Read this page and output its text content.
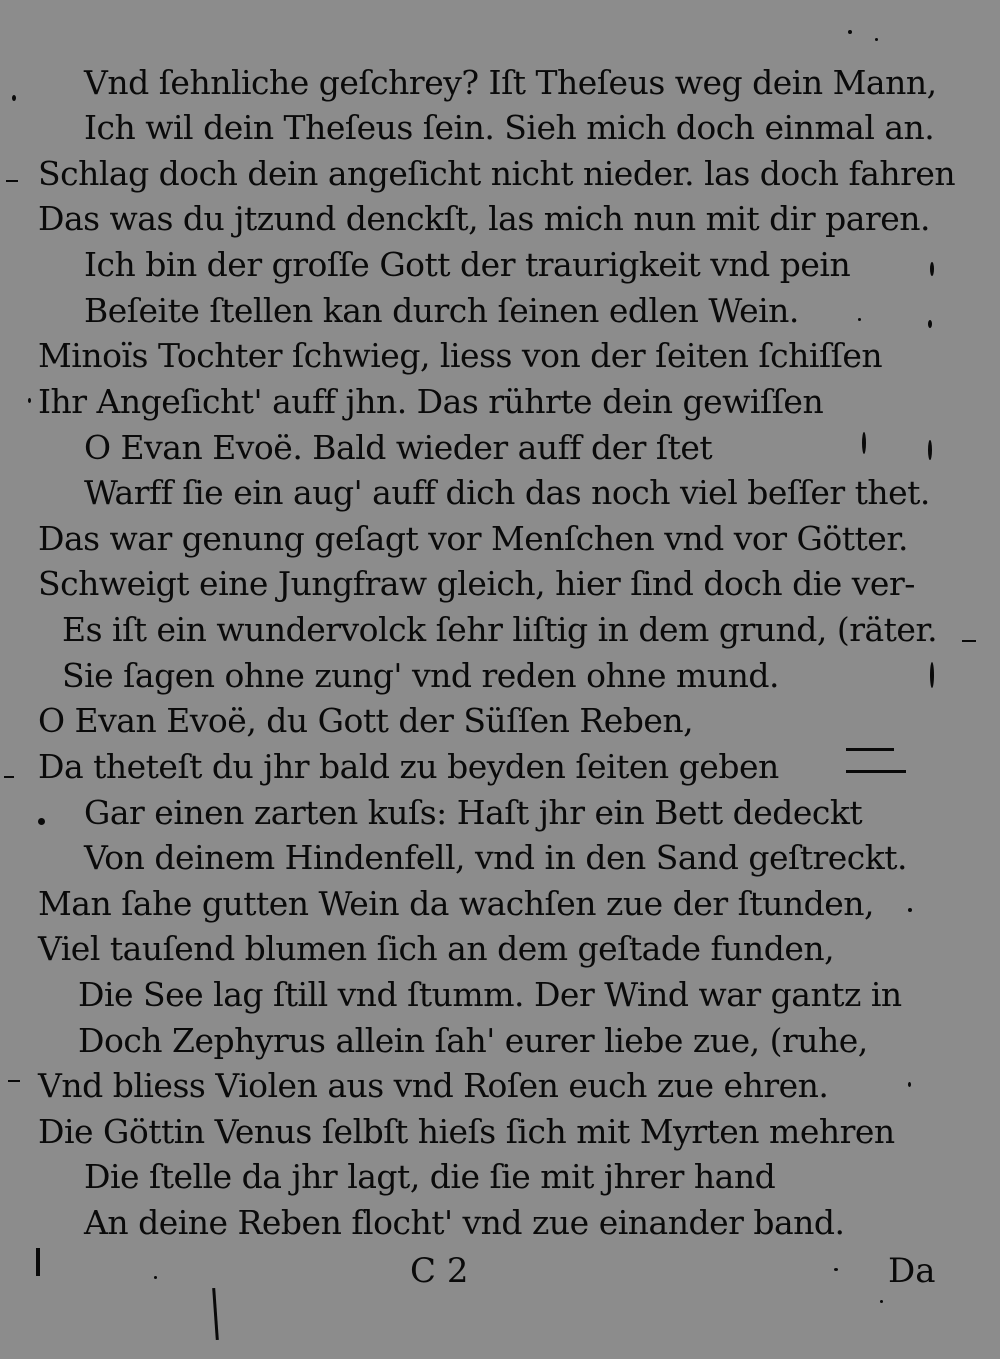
Vnd ſehnliche geſchrey? Iſt Theſeus weg dein Mann,
Ich wil dein Theſeus ſein. Sieh mich doch einmal an.
Schlag doch dein angeſicht nicht nieder. las doch fahren
Das was du jtzund denckſt, las mich nun mit dir paren.
Ich bin der groſſe Gott der traurigkeit vnd pein
Beſeite ſtellen kan durch ſeinen edlen Wein.
Minoïs Tochter ſchwieg, liess von der ſeiten ſchiſſen
Ihr Angeſicht' auff jhn. Das rührte dein gewiſſen
O Evan Evoë. Bald wieder auff der ſtet
Warff ſie ein aug' auff dich das noch viel beſſer thet.
Das war genung geſagt vor Menſchen vnd vor Götter.
Schweigt eine Jungfraw gleich, hier ſind doch die ver-
Es iſt ein wundervolck ſehr liſtig in dem grund, (räter.
Sie ſagen ohne zung' vnd reden ohne mund.
O Evan Evoë, du Gott der Süſſen Reben,
Da theteſt du jhr bald zu beyden ſeiten geben
Gar einen zarten kuſs: Haſt jhr ein Bett dedeckt
Von deinem Hindenfell, vnd in den Sand geſtreckt.
Man ſahe gutten Wein da wachſen zue der ſtunden,
Viel tauſend blumen ſich an dem geſtade funden,
Die See lag ſtill vnd ſtumm. Der Wind war gantz in
Doch Zephyrus allein ſah' eurer liebe zue, (ruhe,
Vnd bliess Violen aus vnd Roſen euch zue ehren.
Die Göttin Venus ſelbſt hieſs ſich mit Myrten mehren
Die ſtelle da jhr lagt, die ſie mit jhrer hand
An deine Reben flocht' vnd zue einander band.
C 2	Da
